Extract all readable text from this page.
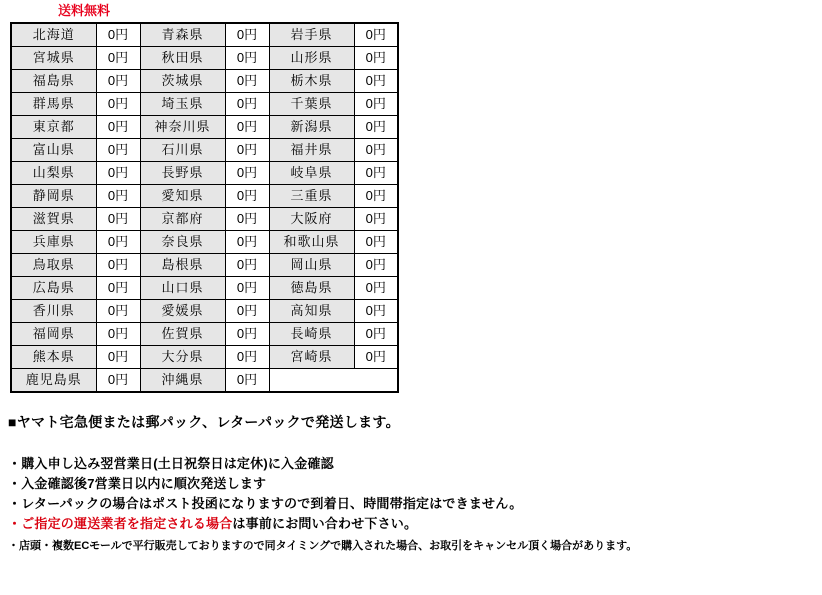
送料無料
北海道	0円	青森県	0円	岩手県	0円
宮城県	0円	秋田県	0円	山形県	0円
福島県	0円	茨城県	0円	栃木県	0円
群馬県	0円	埼玉県	0円	千葉県	0円
東京都	0円	神奈川県	0円	新潟県	0円
富山県	0円	石川県	0円	福井県	0円
山梨県	0円	長野県	0円	岐阜県	0円
静岡県	0円	愛知県	0円	三重県	0円
滋賀県	0円	京都府	0円	大阪府	0円
兵庫県	0円	奈良県	0円	和歌山県	0円
鳥取県	0円	島根県	0円	岡山県	0円
広島県	0円	山口県	0円	徳島県	0円
香川県	0円	愛媛県	0円	高知県	0円
福岡県	0円	佐賀県	0円	長崎県	0円
熊本県	0円	大分県	0円	宮崎県	0円
鹿児島県	0円	沖縄県	0円		
■ヤマト宅急便または郵パック、レターパックで発送します。
・購入申し込み翌営業日(土日祝祭日は定休)に入金確認
・入金確認後7営業日以内に順次発送します
・レターパックの場合はポスト投函になりますので到着日、時間帯指定はできません。
・ご指定の運送業者を指定される場合は事前にお問い合わせ下さい。
・店頭・複数ECモールで平行販売しておりますので同タイミングで購入された場合、お取引をキャンセル頂く場合があります。
